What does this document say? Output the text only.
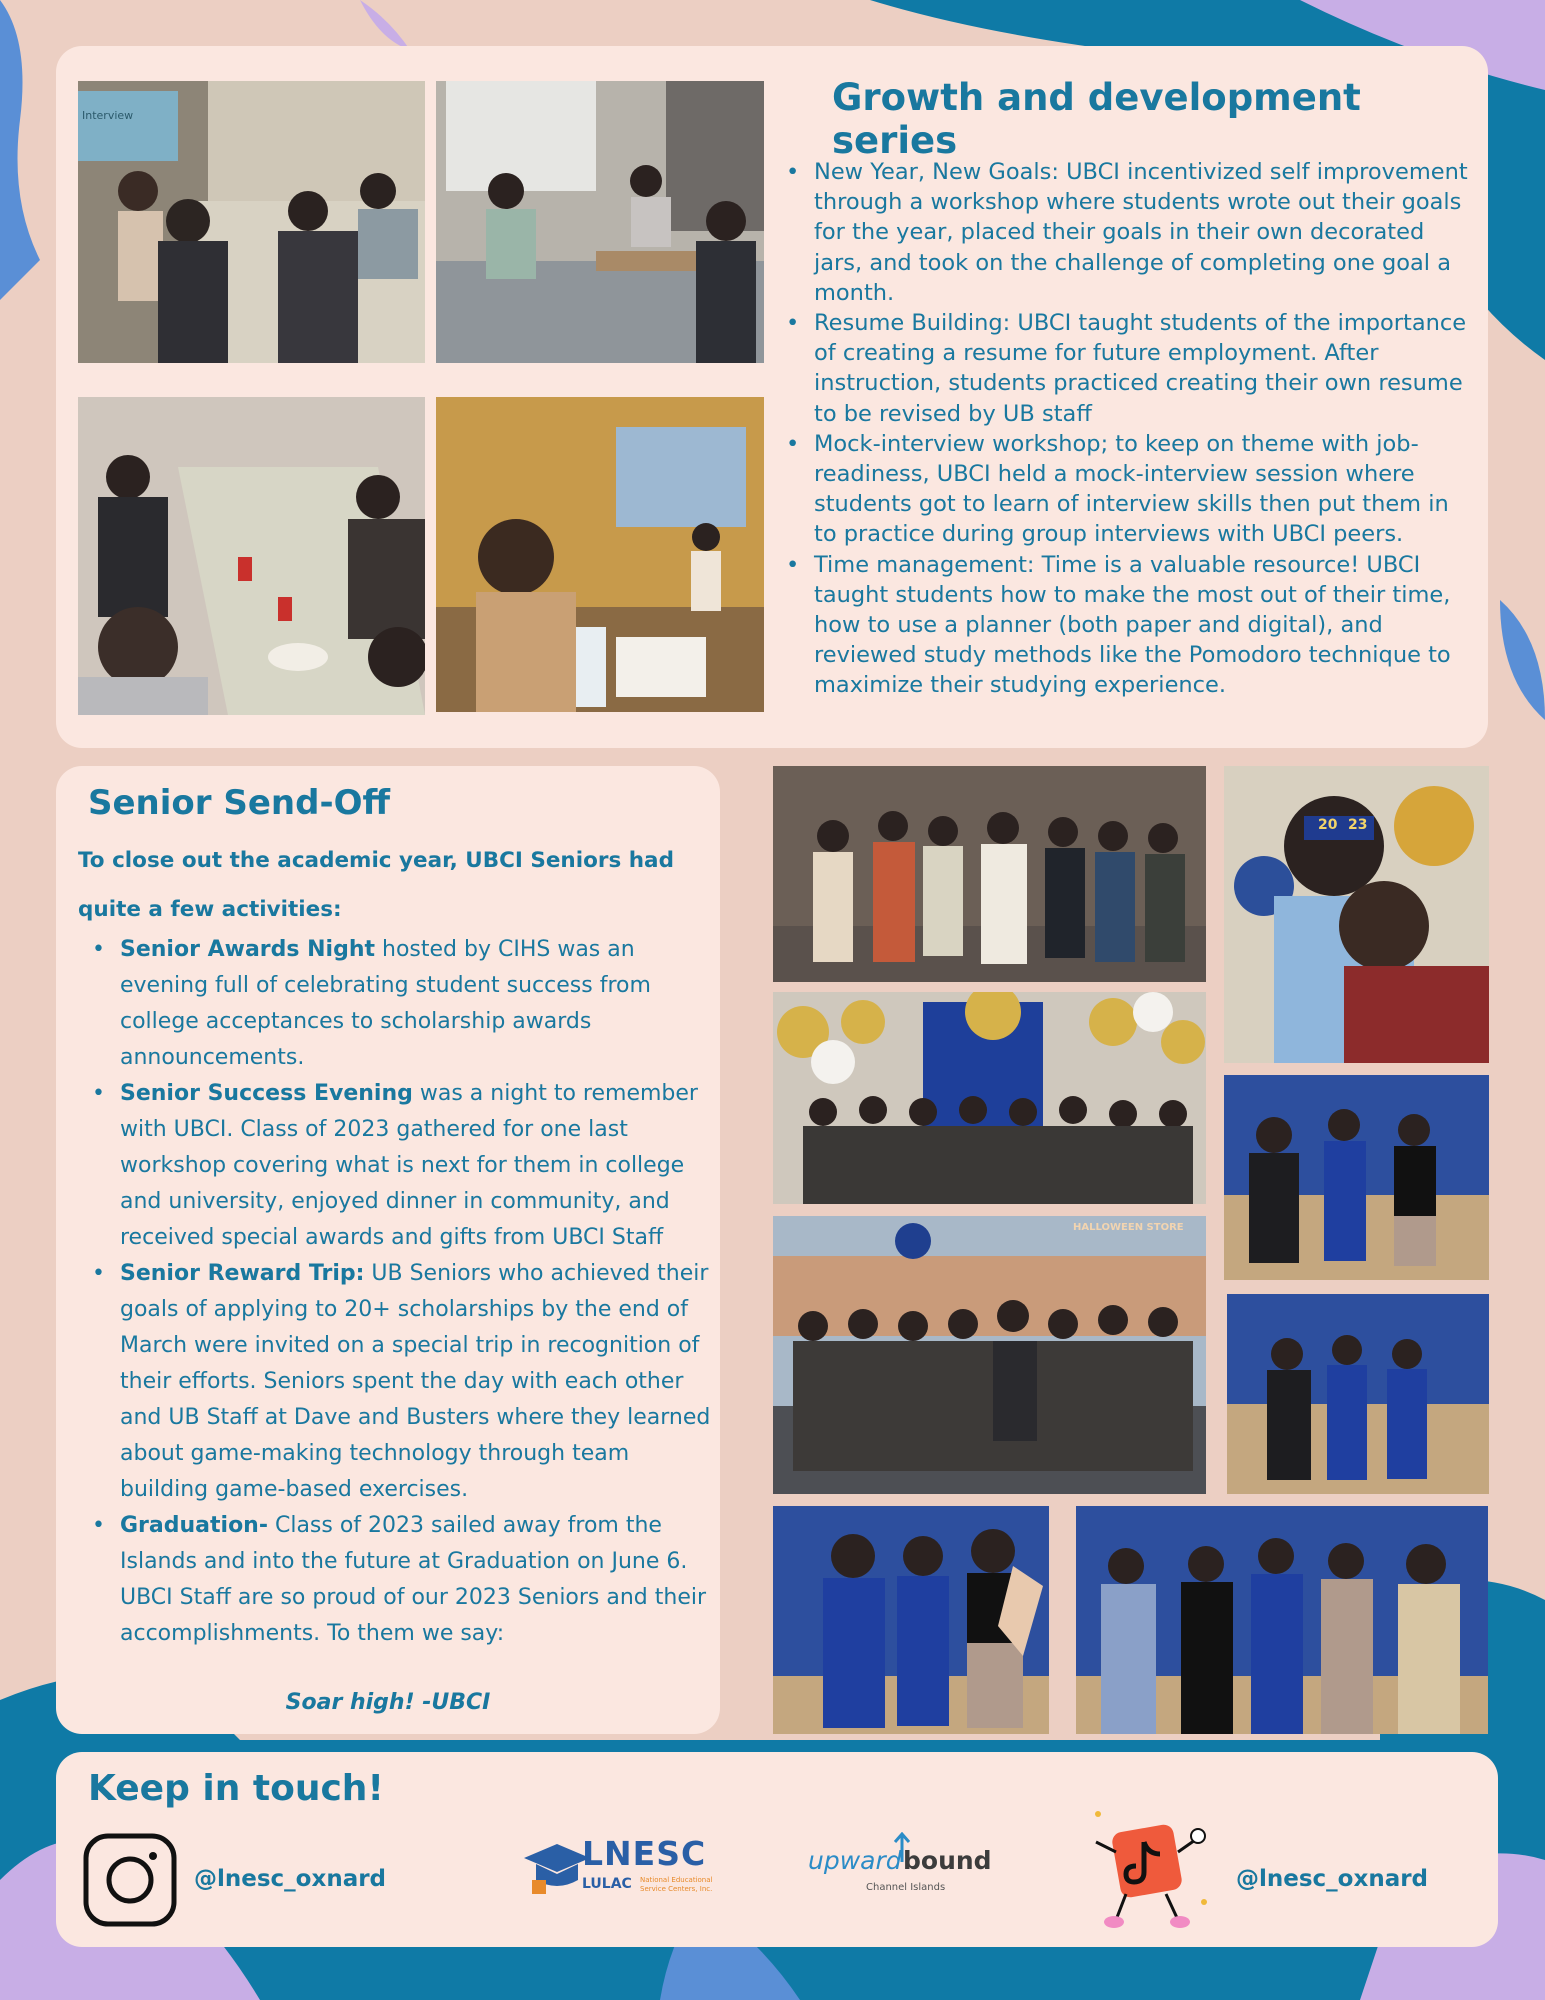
Interview	Growth and development series
• New Year, New Goals: UBCI incentivized self improvement through a workshop where students wrote out their goals for the year, placed their goals in their own decorated jars, and took on the challenge of completing one goal a month.
• Resume Building: UBCI taught students of the importance of creating a resume for future employment. After instruction, students practiced creating their own resume to be revised by UB staff
• Mock-interview workshop; to keep on theme with job-readiness, UBCI held a mock-interview session where students got to learn of interview skills then put them in to practice during group interviews with UBCI peers.
• Time management: Time is a valuable resource! UBCI taught students how to make the most out of their time, how to use a planner (both paper and digital), and reviewed study methods like the Pomodoro technique to maximize their studying experience.
Senior Send-Off
To close out the academic year, UBCI Seniors had quite a few activities:
• Senior Awards Night hosted by CIHS was an evening full of celebrating student success from college acceptances to scholarship awards announcements.
• Senior Success Evening was a night to remember with UBCI. Class of 2023 gathered for one last workshop covering what is next for them in college and university, enjoyed dinner in community, and received special awards and gifts from UBCI Staff
• Senior Reward Trip: UB Seniors who achieved their goals of applying to 20+ scholarships by the end of March were invited on a special trip in recognition of their efforts. Seniors spent the day with each other and UB Staff at Dave and Busters where they learned about game-making technology through team building game-based exercises.
• Graduation- Class of 2023 sailed away from the Islands and into the future at Graduation on June 6. UBCI Staff are so proud of our 2023 Seniors and their accomplishments. To them we say:
Soar high! -UBCI
20 23
HALLOWEEN STORE
Keep in touch!
@lnesc_oxnard
LNESC
LULAC National Educational
Service Centers, Inc.
upward bound
Channel Islands	@lnesc_oxnard
